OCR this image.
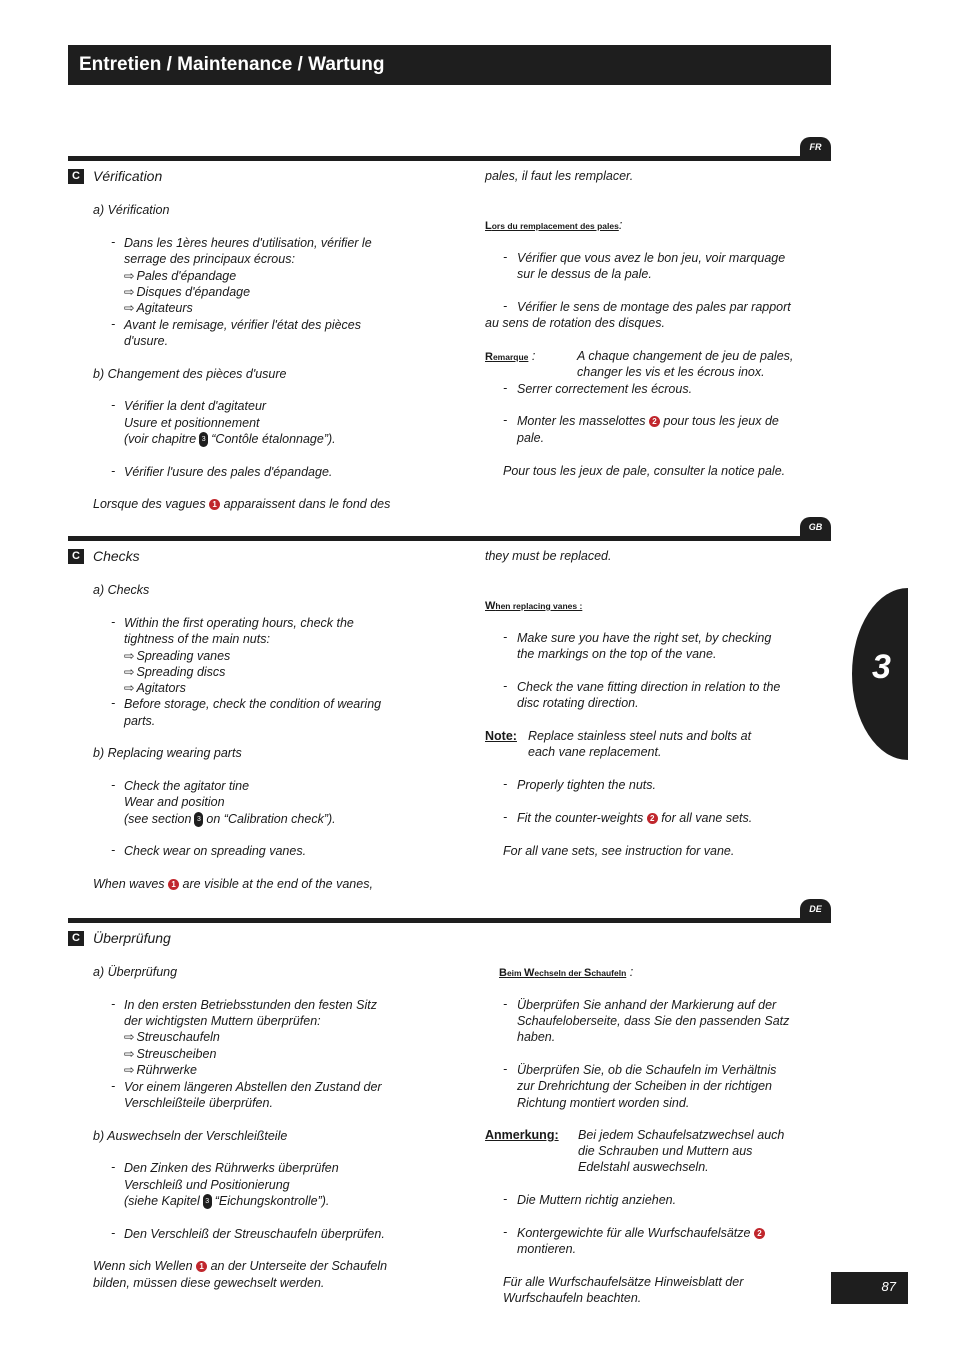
Entretien / Maintenance / Wartung
FR
C Vérification
a) Vérification
- Dans les 1ères heures d'utilisation, vérifier le
serrage des principaux écrous:
⇨ Pales d'épandage
⇨ Disques d'épandage
⇨ Agitateurs
- Avant le remisage, vérifier l'état des pièces
d'usure.
b) Changement des pièces d'usure
- Vérifier la dent d'agitateur
Usure et positionnement
(voir chapitre 3 “Contôle étalonnage”).
- Vérifier l'usure des pales d'épandage.
Lorsque des vagues 1 apparaissent dans le fond des
pales, il faut les remplacer.
Lors du remplacement des pales:
- Vérifier que vous avez le bon jeu, voir marquage
sur le dessus de la pale.
- Vérifier le sens de montage des pales par rapport
au sens de rotation des disques.
Remarque :	A chaque changement de jeu de pales,
changer les vis et les écrous inox.
- Serrer correctement les écrous.
- Monter les masselottes 2 pour tous les jeux de
pale.
Pour tous les jeux de pale, consulter la notice pale.
GB
C Checks
a) Checks
- Within the first operating hours, check the
tightness of the main nuts:
⇨ Spreading vanes
⇨ Spreading discs
⇨ Agitators
- Before storage, check the condition of wearing
parts.
b) Replacing wearing parts
- Check the agitator tine
Wear and position
(see section 3 on “Calibration check”).
- Check wear on spreading vanes.
When waves 1 are visible at the end of the vanes,
they must be replaced.
When replacing vanes :
- Make sure you have the right set, by checking
the markings on the top of the vane.
- Check the vane fitting direction in relation to the
disc rotating direction.
Note: Replace stainless steel nuts and bolts at
each vane replacement.
- Properly tighten the nuts.
- Fit the counter-weights 2 for all vane sets.
For all vane sets, see instruction for vane.
DE
C Überprüfung
a) Überprüfung
- In den ersten Betriebsstunden den festen Sitz
der wichtigsten Muttern überprüfen:
⇨ Streuschaufeln
⇨ Streuscheiben
⇨ Rührwerke
- Vor einem längeren Abstellen den Zustand der
Verschleißteile überprüfen.
b) Auswechseln der Verschleißteile
- Den Zinken des Rührwerks überprüfen
Verschleiß und Positionierung
(siehe Kapitel 3 “Eichungskontrolle”).
- Den Verschleiß der Streuschaufeln überprüfen.
Wenn sich Wellen 1 an der Unterseite der Schaufeln
bilden, müssen diese gewechselt werden.
Beim Wechseln der Schaufeln :
- Überprüfen Sie anhand der Markierung auf der
Schaufeloberseite, dass Sie den passenden Satz
haben.
- Überprüfen Sie, ob die Schaufeln im Verhältnis
zur Drehrichtung der Scheiben in der richtigen
Richtung montiert worden sind.
Anmerkung: Bei jedem Schaufelsatzwechsel auch
die Schrauben und Muttern aus
Edelstahl auswechseln.
- Die Muttern richtig anziehen.
- Kontergewichte für alle Wurfschaufelsätze 2
montieren.
Für alle Wurfschaufelsätze Hinweisblatt der
Wurfschaufeln beachten.
3
87
